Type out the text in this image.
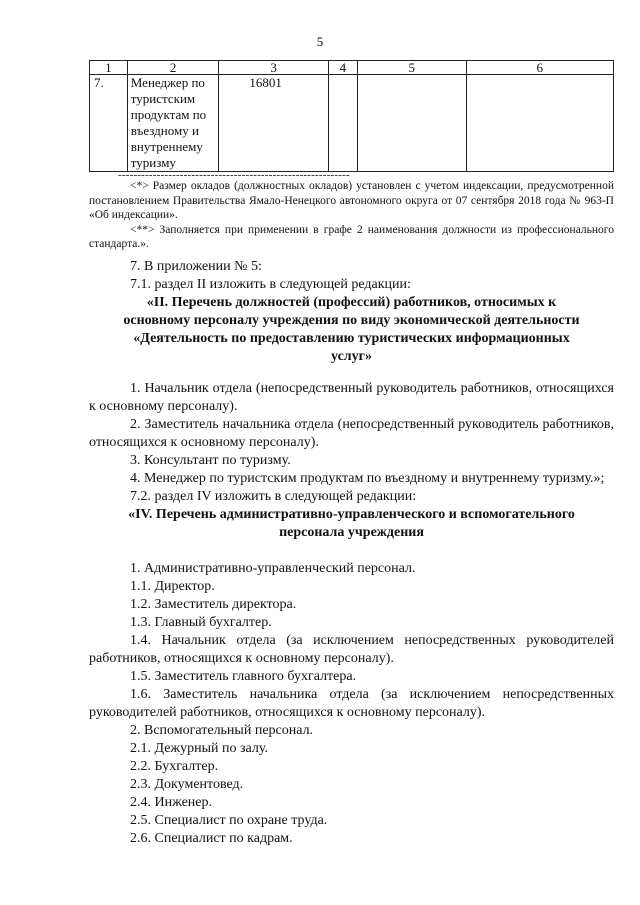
5
1	2	3	4	5	6
7.	Менеджер по туристским продуктам по въездному и внутреннему туризму	16801			
------------------------------------------------------------

<*> Размер окладов (должностных окладов) установлен с учетом индексации, предусмотренной постановлением Правительства Ямало-Ненецкого автономного округа от 07 сентября 2018 года № 963-П «Об индексации».

<**> Заполняется при применении в графе 2 наименования должности из профессионального стандарта.».

7. В приложении № 5:

7.1. раздел II изложить в следующей редакции:

«II. Перечень должностей (профессий) работников, относимых к основному персоналу учреждения по виду экономической деятельности «Деятельность по предоставлению туристических информационных услуг»

1. Начальник отдела (непосредственный руководитель работников, относящихся к основному персоналу).

2. Заместитель начальника отдела (непосредственный руководитель работников, относящихся к основному персоналу).

3. Консультант по туризму.

4. Менеджер по туристским продуктам по въездному и внутреннему туризму.»;

7.2. раздел IV изложить в следующей редакции:

«IV. Перечень административно-управленческого и вспомогательного персонала учреждения

1. Административно-управленческий персонал.

1.1. Директор.

1.2. Заместитель директора.

1.3. Главный бухгалтер.

1.4. Начальник отдела (за исключением непосредственных руководителей работников, относящихся к основному персоналу).

1.5. Заместитель главного бухгалтера.

1.6. Заместитель начальника отдела (за исключением непосредственных руководителей работников, относящихся к основному персоналу).

2. Вспомогательный персонал.

2.1. Дежурный по залу.

2.2. Бухгалтер.

2.3. Документовед.

2.4. Инженер.

2.5. Специалист по охране труда.

2.6. Специалист по кадрам.
